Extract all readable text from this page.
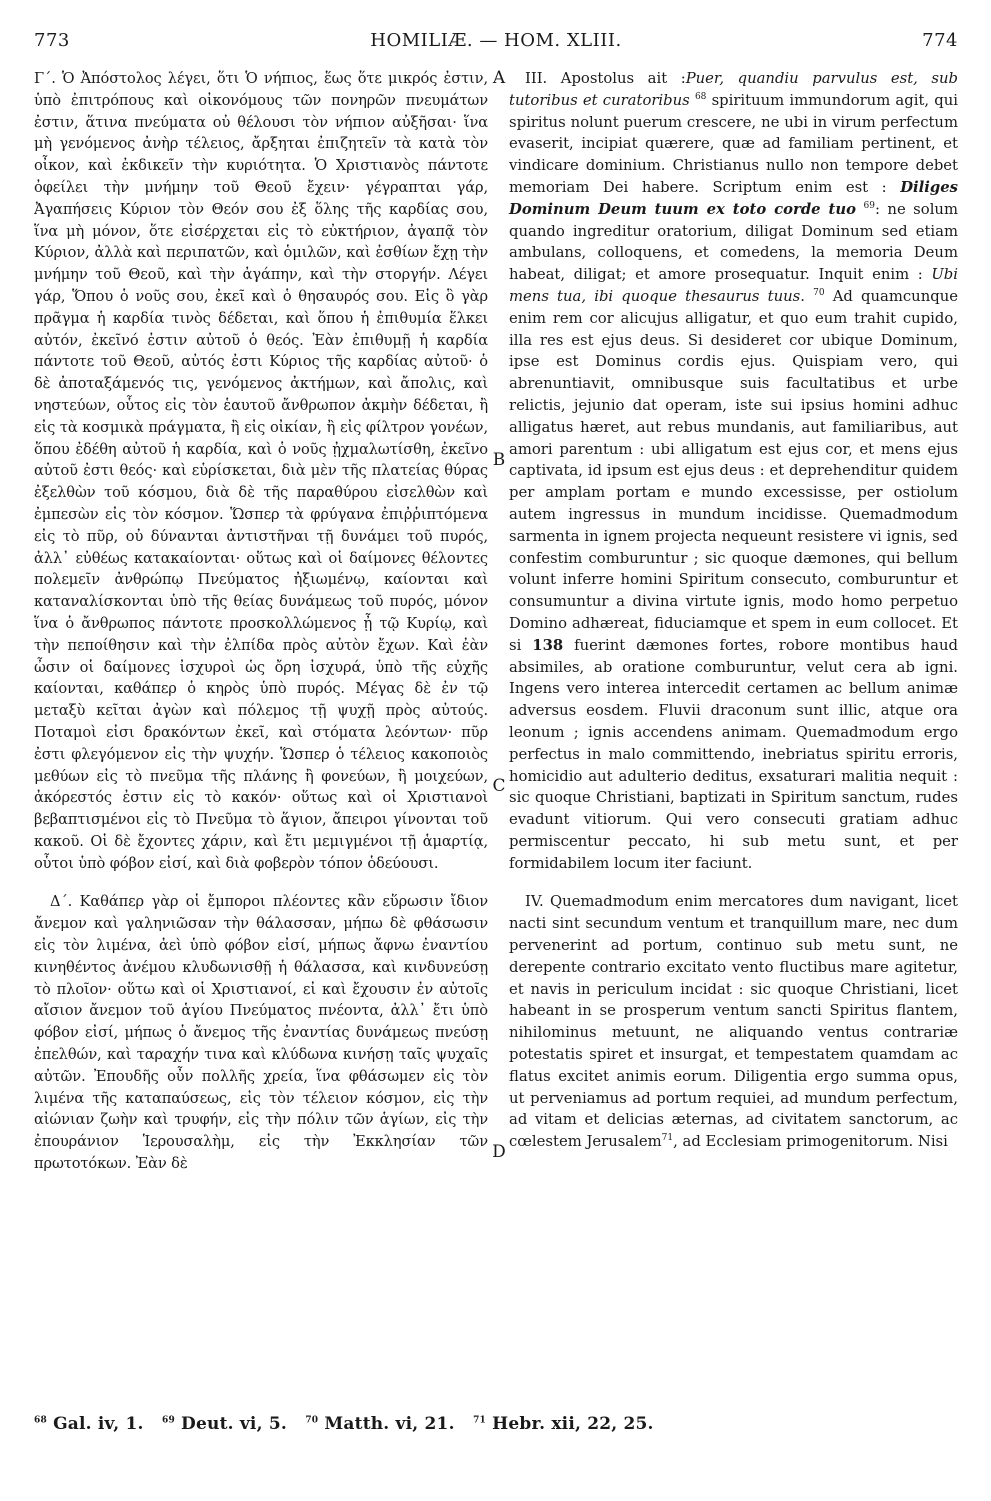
773	HOMILIÆ. — HOM. XLIII.	774

Γ΄. Ὁ Ἀπόστολος λέγει, ὅτι Ὁ νήπιος, ἕως ὅτε μικρός ἐστιν, ὑπὸ ἐπιτρόπους καὶ οἰκονόμους τῶν πονηρῶν πνευμάτων ἐστιν, ἅτινα πνεύματα οὐ θέλουσι τὸν νήπιον αὐξῆσαι· ἵνα μὴ γενόμενος ἀνὴρ τέλειος, ἄρξηται ἐπιζητεῖν τὰ κατὰ τὸν οἶκον, καὶ ἐκδικεῖν τὴν κυριότητα. Ὁ Χριστιανὸς πάντοτε ὀφείλει τὴν μνήμην τοῦ Θεοῦ ἔχειν· γέγραπται γάρ, Ἀγαπήσεις Κύριον τὸν Θεόν σου ἐξ ὅλης τῆς καρδίας σου, ἵνα μὴ μόνον, ὅτε εἰσέρχεται εἰς τὸ εὐκτήριον, ἀγαπᾷ τὸν Κύριον, ἀλλὰ καὶ περιπατῶν, καὶ ὁμιλῶν, καὶ ἐσθίων ἔχῃ τὴν μνήμην τοῦ Θεοῦ, καὶ τὴν ἀγάπην, καὶ τὴν στοργήν. Λέγει γάρ, Ὅπου ὁ νοῦς σου, ἐκεῖ καὶ ὁ θησαυρός σου. Εἰς ὃ γὰρ πρᾶγμα ἡ καρδία τινὸς δέδεται, καὶ ὅπου ἡ ἐπιθυμία ἕλκει αὐτόν, ἐκεῖνό ἐστιν αὐτοῦ ὁ θεός. Ἐὰν ἐπιθυμῇ ἡ καρδία πάντοτε τοῦ Θεοῦ, αὐτός ἐστι Κύριος τῆς καρδίας αὐτοῦ· ὁ δὲ ἀποταξάμενός τις, γενόμενος ἀκτήμων, καὶ ἄπολις, καὶ νηστεύων, οὗτος εἰς τὸν ἑαυτοῦ ἄνθρωπον ἀκμὴν δέδεται, ἢ εἰς τὰ κοσμικὰ πράγματα, ἢ εἰς οἰκίαν, ἢ εἰς φίλτρον γονέων, ὅπου ἐδέθη αὐτοῦ ἡ καρδία, καὶ ὁ νοῦς ᾐχμαλωτίσθη, ἐκεῖνο αὐτοῦ ἐστι θεός· καὶ εὑρίσκεται, διὰ μὲν τῆς πλατείας θύρας ἐξελθὼν τοῦ κόσμου, διὰ δὲ τῆς παραθύρου εἰσελθὼν καὶ ἐμπεσὼν εἰς τὸν κόσμον. Ὥσπερ τὰ φρύγανα ἐπιῤῥιπτόμενα εἰς τὸ πῦρ, οὐ δύνανται ἀντιστῆναι τῇ δυνάμει τοῦ πυρός, ἀλλ᾽ εὐθέως κατακαίονται· οὕτως καὶ οἱ δαίμονες θέλοντες πολεμεῖν ἀνθρώπῳ Πνεύματος ἠξιωμένῳ, καίονται καὶ καταναλίσκονται ὑπὸ τῆς θείας δυνάμεως τοῦ πυρός, μόνον ἵνα ὁ ἄνθρωπος πάντοτε προσκολλώμενος ᾖ τῷ Κυρίῳ, καὶ τὴν πεποίθησιν καὶ τὴν ἐλπίδα πρὸς αὐτὸν ἔχων. Καὶ ἐὰν ὦσιν οἱ δαίμονες ἰσχυροὶ ὡς ὄρη ἰσχυρά, ὑπὸ τῆς εὐχῆς καίονται, καθάπερ ὁ κηρὸς ὑπὸ πυρός. Μέγας δὲ ἐν τῷ μεταξὺ κεῖται ἀγὼν καὶ πόλεμος τῇ ψυχῇ πρὸς αὐτούς. Ποταμοὶ εἰσι δρακόντων ἐκεῖ, καὶ στόματα λεόντων· πῦρ ἐστι φλεγόμενον εἰς τὴν ψυχήν. Ὥσπερ ὁ τέλειος κακοποιὸς μεθύων εἰς τὸ πνεῦμα τῆς πλάνης ἢ φονεύων, ἢ μοιχεύων, ἀκόρεστός ἐστιν εἰς τὸ κακόν· οὕτως καὶ οἱ Χριστιανοὶ βεβαπτισμένοι εἰς τὸ Πνεῦμα τὸ ἅγιον, ἄπειροι γίνονται τοῦ κακοῦ. Οἱ δὲ ἔχοντες χάριν, καὶ ἔτι μεμιγμένοι τῇ ἁμαρτίᾳ, οὗτοι ὑπὸ φόβον εἰσί, καὶ διὰ φοβερὸν τόπον ὁδεύουσι.

Δ΄. Καθάπερ γὰρ οἱ ἔμποροι πλέοντες κἂν εὕρωσιν ἴδιον ἄνεμον καὶ γαληνιῶσαν τὴν θάλασσαν, μήπω δὲ φθάσωσιν εἰς τὸν λιμένα, ἀεὶ ὑπὸ φόβον εἰσί, μήπως ἄφνω ἐναντίου κινηθέντος ἀνέμου κλυδωνισθῇ ἡ θάλασσα, καὶ κινδυνεύσῃ τὸ πλοῖον· οὕτω καὶ οἱ Χριστιανοί, εἰ καὶ ἔχουσιν ἐν αὐτοῖς αἴσιον ἄνεμον τοῦ ἁγίου Πνεύματος πνέοντα, ἀλλ᾽ ἔτι ὑπὸ φόβον εἰσί, μήπως ὁ ἄνεμος τῆς ἐναντίας δυνάμεως πνεύσῃ ἐπελθών, καὶ ταραχήν τινα καὶ κλύδωνα κινήσῃ ταῖς ψυχαῖς αὐτῶν. Ἐπουδῆς οὖν πολλῆς χρεία, ἵνα φθάσωμεν εἰς τὸν λιμένα τῆς καταπαύσεως, εἰς τὸν τέλειον κόσμον, εἰς τὴν αἰώνιαν ζωὴν καὶ τρυφήν, εἰς τὴν πόλιν τῶν ἁγίων, εἰς τὴν ἐπουράνιον Ἱερουσαλὴμ, εἰς τὴν Ἐκκλησίαν τῶν πρωτοτόκων. Ἐὰν δὲ

A
B
C
D

III. Apostolus ait :Puer, quandiu parvulus est, sub tutoribus et curatoribus $^{68}$ spirituum immundorum agit, qui spiritus nolunt puerum crescere, ne ubi in virum perfectum evaserit, incipiat quærere, quæ ad familiam pertinent, et vindicare dominium. Christianus nullo non tempore debet memoriam Dei habere. Scriptum enim est : Diliges Dominum Deum tuum ex toto corde tuo $^{69}$: ne solum quando ingreditur oratorium, diligat Dominum sed etiam ambulans, colloquens, et comedens, la memoria Deum habeat, diligat; et amore prosequatur. Inquit enim : Ubi mens tua, ibi quoque thesaurus tuus. $^{70}$ Ad quamcunque enim rem cor alicujus alligatur, et quo eum trahit cupido, illa res est ejus deus. Si desideret cor ubique Dominum, ipse est Dominus cordis ejus. Quispiam vero, qui abrenuntiavit, omnibusque suis facultatibus et urbe relictis, jejunio dat operam, iste sui ipsius homini adhuc alligatus hæret, aut rebus mundanis, aut familiaribus, aut amori parentum : ubi alligatum est ejus cor, et mens ejus captivata, id ipsum est ejus deus : et deprehenditur quidem per amplam portam e mundo excessisse, per ostiolum autem ingressus in mundum incidisse. Quemadmodum sarmenta in ignem projecta nequeunt resistere vi ignis, sed confestim comburuntur ; sic quoque dæmones, qui bellum volunt inferre homini Spiritum consecuto, comburuntur et consumuntur a divina virtute ignis, modo homo perpetuo Domino adhæreat, fiduciamque et spem in eum collocet. Et si 138 fuerint dæmones fortes, robore montibus haud absimiles, ab oratione comburuntur, velut cera ab igni. Ingens vero interea intercedit certamen ac bellum animæ adversus eosdem. Fluvii draconum sunt illic, atque ora leonum ; ignis accendens animam. Quemadmodum ergo perfectus in malo committendo, inebriatus spiritu erroris, homicidio aut adulterio deditus, exsaturari malitia nequit : sic quoque Christiani, baptizati in Spiritum sanctum, rudes evadunt vitiorum. Qui vero consecuti gratiam adhuc permiscentur peccato, hi sub metu sunt, et per formidabilem locum iter faciunt.

IV. Quemadmodum enim mercatores dum navigant, licet nacti sint secundum ventum et tranquillum mare, nec dum pervenerint ad portum, continuo sub metu sunt, ne derepente contrario excitato vento fluctibus mare agitetur, et navis in periculum incidat : sic quoque Christiani, licet habeant in se prosperum ventum sancti Spiritus flantem, nihilominus metuunt, ne aliquando ventus contrariæ potestatis spiret et insurgat, et tempestatem quamdam ac flatus excitet animis eorum. Diligentia ergo summa opus, ut perveniamus ad portum requiei, ad mundum perfectum, ad vitam et delicias æternas, ad civitatem sanctorum, ac cœlestem Jerusalem$^{71}$, ad Ecclesiam primogenitorum. Nisi

$^{68}$ Gal. iv, 1. $^{69}$ Deut. vi, 5. $^{70}$ Matth. vi, 21. $^{71}$ Hebr. xii, 22, 25.
